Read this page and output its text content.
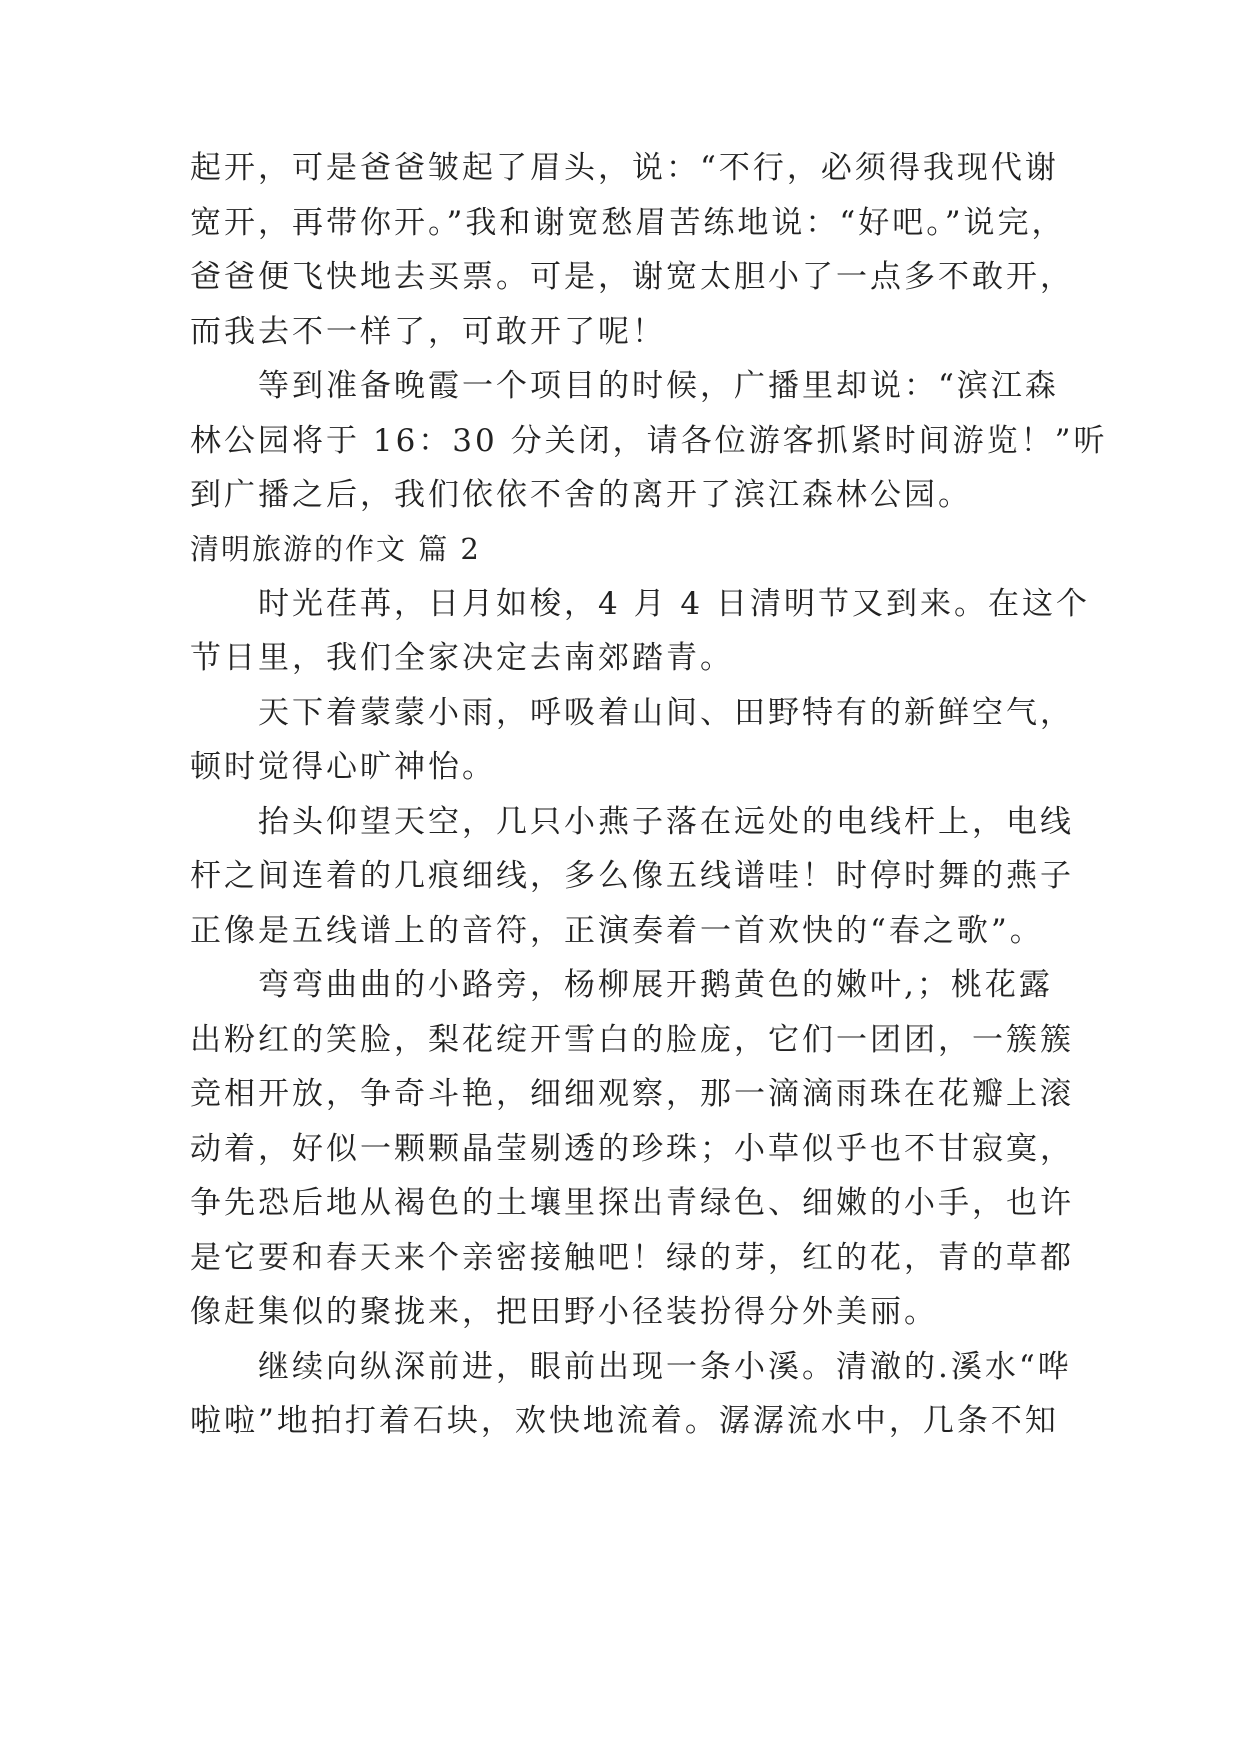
起开，可是爸爸皱起了眉头，说：“不行，必须得我现代谢
宽开，再带你开。”我和谢宽愁眉苦练地说：“好吧。”说完，
爸爸便飞快地去买票。可是，谢宽太胆小了一点多不敢开，
而我去不一样了，可敢开了呢！
等到准备晚霞一个项目的时候，广播里却说：“滨江森
林公园将于 16：30 分关闭，请各位游客抓紧时间游览！”听
到广播之后，我们依依不舍的离开了滨江森林公园。
清明旅游的作文 篇 2
时光荏苒，日月如梭，4 月 4 日清明节又到来。在这个
节日里，我们全家决定去南郊踏青。
天下着蒙蒙小雨，呼吸着山间、田野特有的新鲜空气，
顿时觉得心旷神怡。
抬头仰望天空，几只小燕子落在远处的电线杆上，电线
杆之间连着的几痕细线，多么像五线谱哇！时停时舞的燕子
正像是五线谱上的音符，正演奏着一首欢快的“春之歌”。
弯弯曲曲的小路旁，杨柳展开鹅黄色的嫩叶,；桃花露
出粉红的笑脸，梨花绽开雪白的脸庞，它们一团团，一簇簇
竞相开放，争奇斗艳，细细观察，那一滴滴雨珠在花瓣上滚
动着，好似一颗颗晶莹剔透的珍珠；小草似乎也不甘寂寞，
争先恐后地从褐色的土壤里探出青绿色、细嫩的小手，也许
是它要和春天来个亲密接触吧！绿的芽，红的花，青的草都
像赶集似的聚拢来，把田野小径装扮得分外美丽。
继续向纵深前进，眼前出现一条小溪。清澈的.溪水“哗
啦啦”地拍打着石块，欢快地流着。潺潺流水中，几条不知
